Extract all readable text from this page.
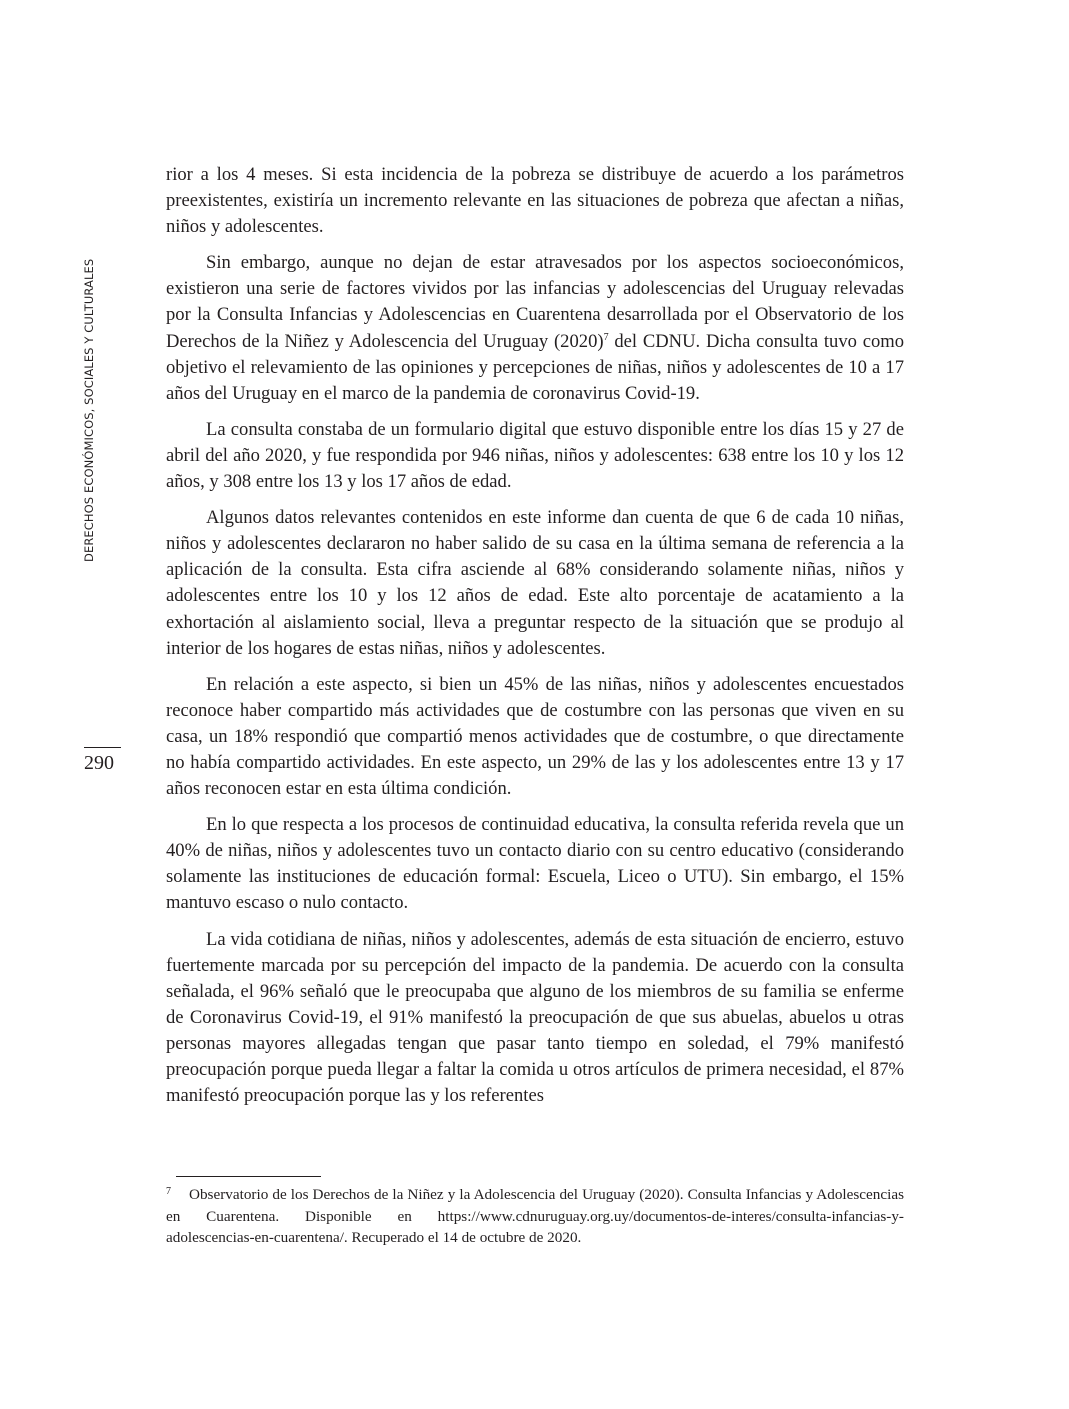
DERECHOS ECONÓMICOS, SOCIALES Y CULTURALES
290

rior a los 4 meses. Si esta incidencia de la pobreza se distribuye de acuerdo a los parámetros preexistentes, existiría un incremento relevante en las situaciones de pobreza que afectan a niñas, niños y adolescentes.

Sin embargo, aunque no dejan de estar atravesados por los aspectos socioeconómicos, existieron una serie de factores vividos por las infancias y adolescencias del Uruguay relevadas por la Consulta Infancias y Adolescencias en Cuarentena desarrollada por el Observatorio de los Derechos de la Niñez y Adolescencia del Uruguay $(2020)^7$ del CDNU. Dicha consulta tuvo como objetivo el relevamiento de las opiniones y percepciones de niñas, niños y adolescentes de 10 a 17 años del Uruguay en el marco de la pandemia de coronavirus Covid-19.

La consulta constaba de un formulario digital que estuvo disponible entre los días 15 y 27 de abril del año 2020, y fue respondida por 946 niñas, niños y adolescentes: 638 entre los 10 y los 12 años, y 308 entre los 13 y los 17 años de edad.

Algunos datos relevantes contenidos en este informe dan cuenta de que 6 de cada 10 niñas, niños y adolescentes declararon no haber salido de su casa en la última semana de referencia a la aplicación de la consulta. Esta cifra asciende al 68% considerando solamente niñas, niños y adolescentes entre los 10 y los 12 años de edad. Este alto porcentaje de acatamiento a la exhortación al aislamiento social, lleva a preguntar respecto de la situación que se produjo al interior de los hogares de estas niñas, niños y adolescentes.

En relación a este aspecto, si bien un 45% de las niñas, niños y adolescentes encuestados reconoce haber compartido más actividades que de costumbre con las personas que viven en su casa, un 18% respondió que compartió menos actividades que de costumbre, o que directamente no había compartido actividades. En este aspecto, un 29% de las y los adolescentes entre 13 y 17 años reconocen estar en esta última condición.

En lo que respecta a los procesos de continuidad educativa, la consulta referida revela que un 40% de niñas, niños y adolescentes tuvo un contacto diario con su centro educativo (considerando solamente las instituciones de educación formal: Escuela, Liceo o UTU). Sin embargo, el 15% mantuvo escaso o nulo contacto.

La vida cotidiana de niñas, niños y adolescentes, además de esta situación de encierro, estuvo fuertemente marcada por su percepción del impacto de la pandemia. De acuerdo con la consulta señalada, el 96% señaló que le preocupaba que alguno de los miembros de su familia se enferme de Coronavirus Covid-19, el 91% manifestó la preocupación de que sus abuelas, abuelos u otras personas mayores allegadas tengan que pasar tanto tiempo en soledad, el 79% manifestó preocupación porque pueda llegar a faltar la comida u otros artículos de primera necesidad, el 87% manifestó preocupación porque las y los referentes

$^7$ Observatorio de los Derechos de la Niñez y la Adolescencia del Uruguay (2020). Consulta Infancias y Adolescencias en Cuarentena. Disponible en https://www.cdnuruguay.org.uy/documentos-de-interes/consulta-infancias-y-adolescencias-en-cuarentena/. Recuperado el 14 de octubre de 2020.
